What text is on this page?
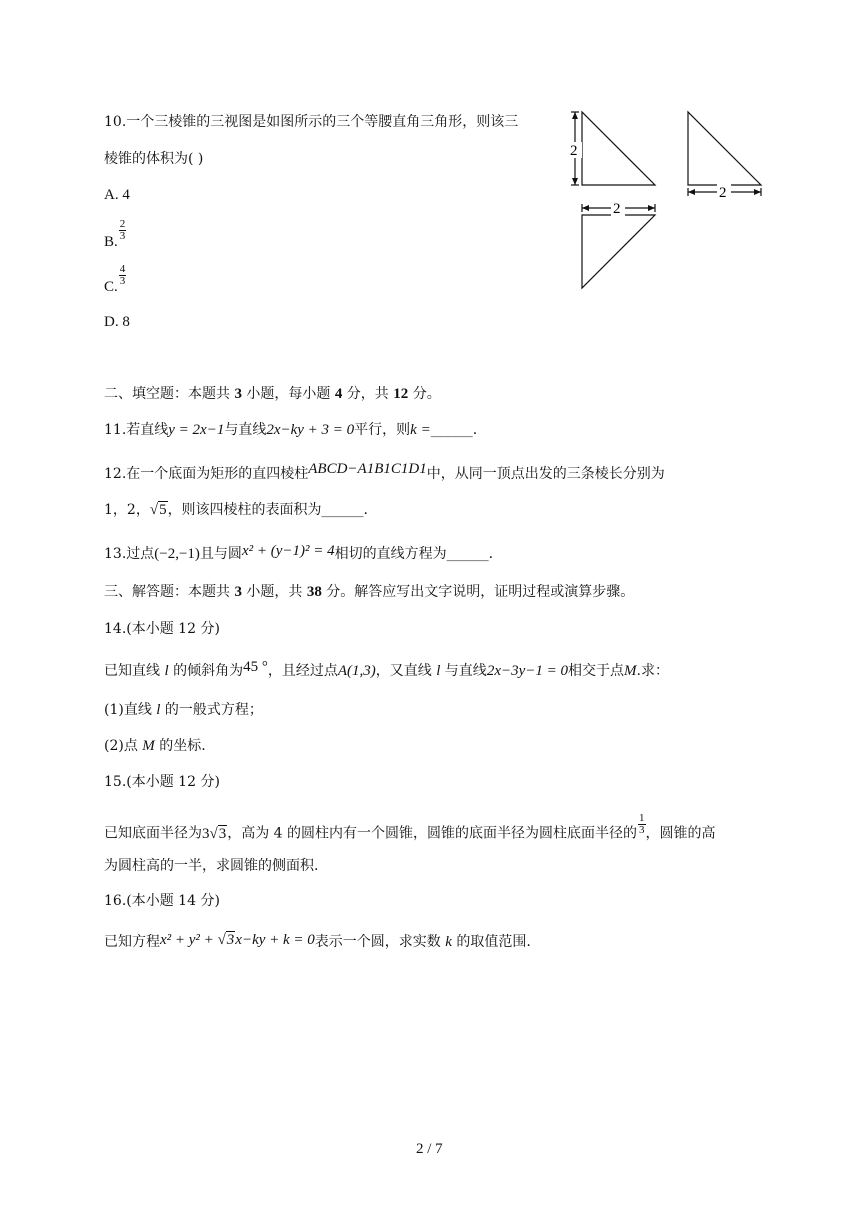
10.一个三棱锥的三视图是如图所示的三个等腰直角三角形，则该三
棱锥的体积为( )
A. 4
B. $\frac{2}{3}$
C. $\frac{4}{3}$
D. 8
2
2
2
二、填空题：本题共 3 小题，每小题 4 分，共 12 分。
11.若直线y = 2x−1与直线2x−ky + 3 = 0平行，则k =______.
12.在一个底面为矩形的直四棱柱ABCD−A1B1C1D1中，从同一顶点出发的三条棱长分别为
1，2，√5，则该四棱柱的表面积为______.
13.过点(−2,−1)且与圆x² + (y−1)² = 4相切的直线方程为______.
三、解答题：本题共 3 小题，共 38 分。解答应写出文字说明，证明过程或演算步骤。
14.(本小题 12 分)
已知直线 l 的倾斜角为45 °，且经过点A(1,3)，又直线 l 与直线2x−3y−1 = 0相交于点M.求：
(1)直线 l 的一般式方程；
(2)点 M 的坐标.
15.(本小题 12 分)
已知底面半径为3√3，高为 4 的圆柱内有一个圆锥，圆锥的底面半径为圆柱底面半径的 $\frac{1}{3}$ ，圆锥的高
为圆柱高的一半，求圆锥的侧面积.
16.(本小题 14 分)
已知方程x² + y² + √3x−ky + k = 0表示一个圆，求实数 k 的取值范围.
2 / 7
